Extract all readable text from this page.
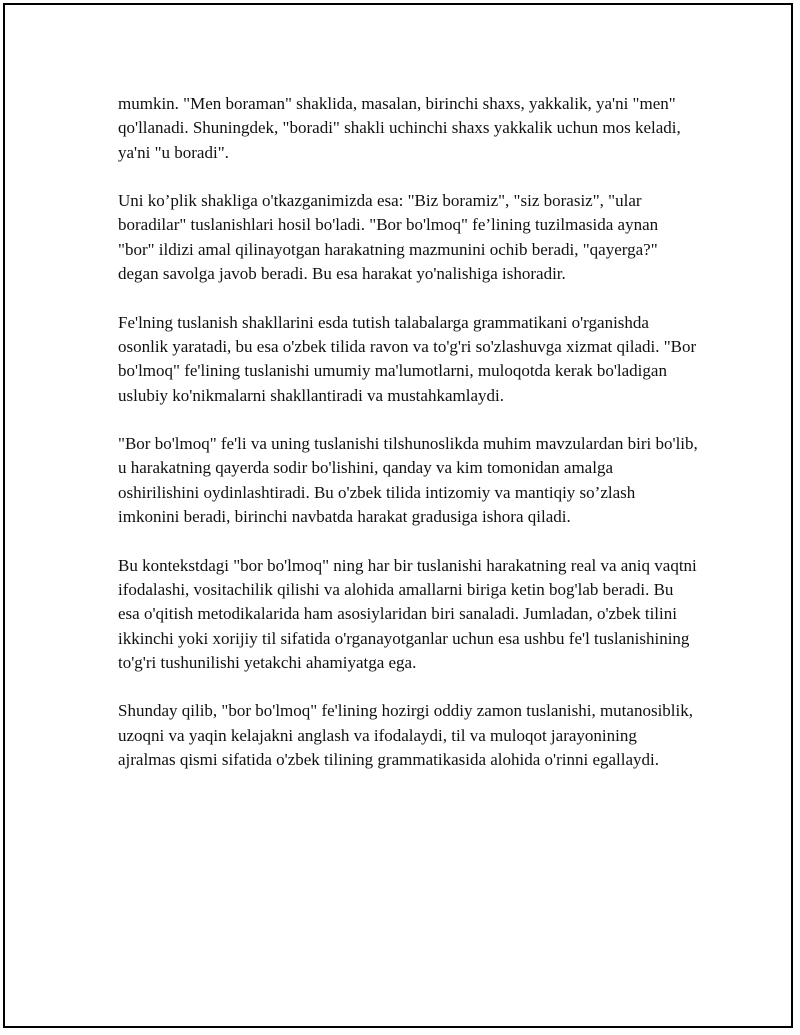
mumkin. "Men boraman" shaklida, masalan, birinchi shaxs, yakkalik, ya'ni "men" qo'llanadi. Shuningdek, "boradi" shakli uchinchi shaxs yakkalik uchun mos keladi, ya'ni "u boradi".

Uni ko’plik shakliga o'tkazganimizda esa: "Biz boramiz", "siz borasiz", "ular boradilar" tuslanishlari hosil bo'ladi. "Bor bo'lmoq" fe’lining tuzilmasida aynan "bor" ildizi amal qilinayotgan harakatning mazmunini ochib beradi, "qayerga?" degan savolga javob beradi. Bu esa harakat yo'nalishiga ishoradir.

Fe'lning tuslanish shakllarini esda tutish talabalarga grammatikani o'rganishda osonlik yaratadi, bu esa o'zbek tilida ravon va to'g'ri so'zlashuvga xizmat qiladi. "Bor bo'lmoq" fe'lining tuslanishi umumiy ma'lumotlarni, muloqotda kerak bo'ladigan uslubiy ko'nikmalarni shakllantiradi va mustahkamlaydi.

"Bor bo'lmoq" fe'li va uning tuslanishi tilshunoslikda muhim mavzulardan biri bo'lib, u harakatning qayerda sodir bo'lishini, qanday va kim tomonidan amalga oshirilishini oydinlashtiradi. Bu o'zbek tilida intizomiy va mantiqiy so’zlash imkonini beradi, birinchi navbatda harakat gradusiga ishora qiladi.

Bu kontekstdagi "bor bo'lmoq" ning har bir tuslanishi harakatning real va aniq vaqtni ifodalashi, vositachilik qilishi va alohida amallarni biriga ketin bog'lab beradi. Bu esa o'qitish metodikalarida ham asosiylaridan biri sanaladi. Jumladan, o'zbek tilini ikkinchi yoki xorijiy til sifatida o'rganayotganlar uchun esa ushbu fe'l tuslanishining to'g'ri tushunilishi yetakchi ahamiyatga ega.

Shunday qilib, "bor bo'lmoq" fe'lining hozirgi oddiy zamon tuslanishi, mutanosiblik, uzoqni va yaqin kelajakni anglash va ifodalaydi, til va muloqot jarayonining ajralmas qismi sifatida o'zbek tilining grammatikasida alohida o'rinni egallaydi.
